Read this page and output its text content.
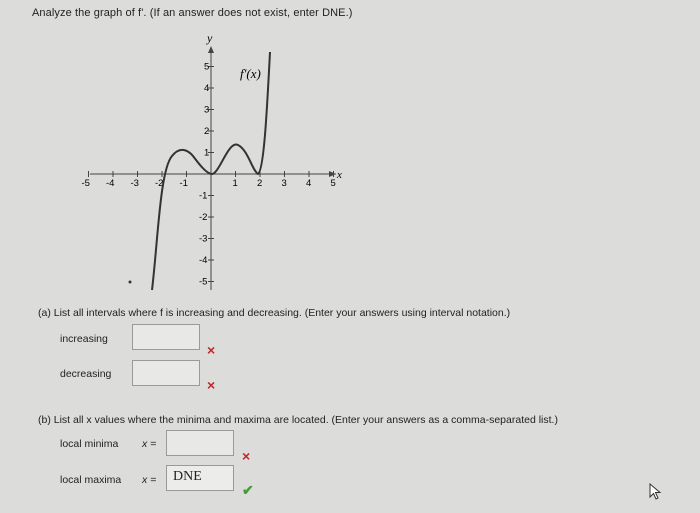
Analyze the graph of f'. (If an answer does not exist, enter DNE.)
y
x
f'(x)
-5 -4 -3 -2 -1	1 2 3 4 5
5
4
3
2
1
-1
-2
-3
-4
-5
(a) List all intervals where f is increasing and decreasing. (Enter your answers using interval notation.)
increasing
×
decreasing
×
(b) List all x values where the minima and maxima are located. (Enter your answers as a comma-separated list.)
local minima x =
×
local maxima x =	DNE
✔
